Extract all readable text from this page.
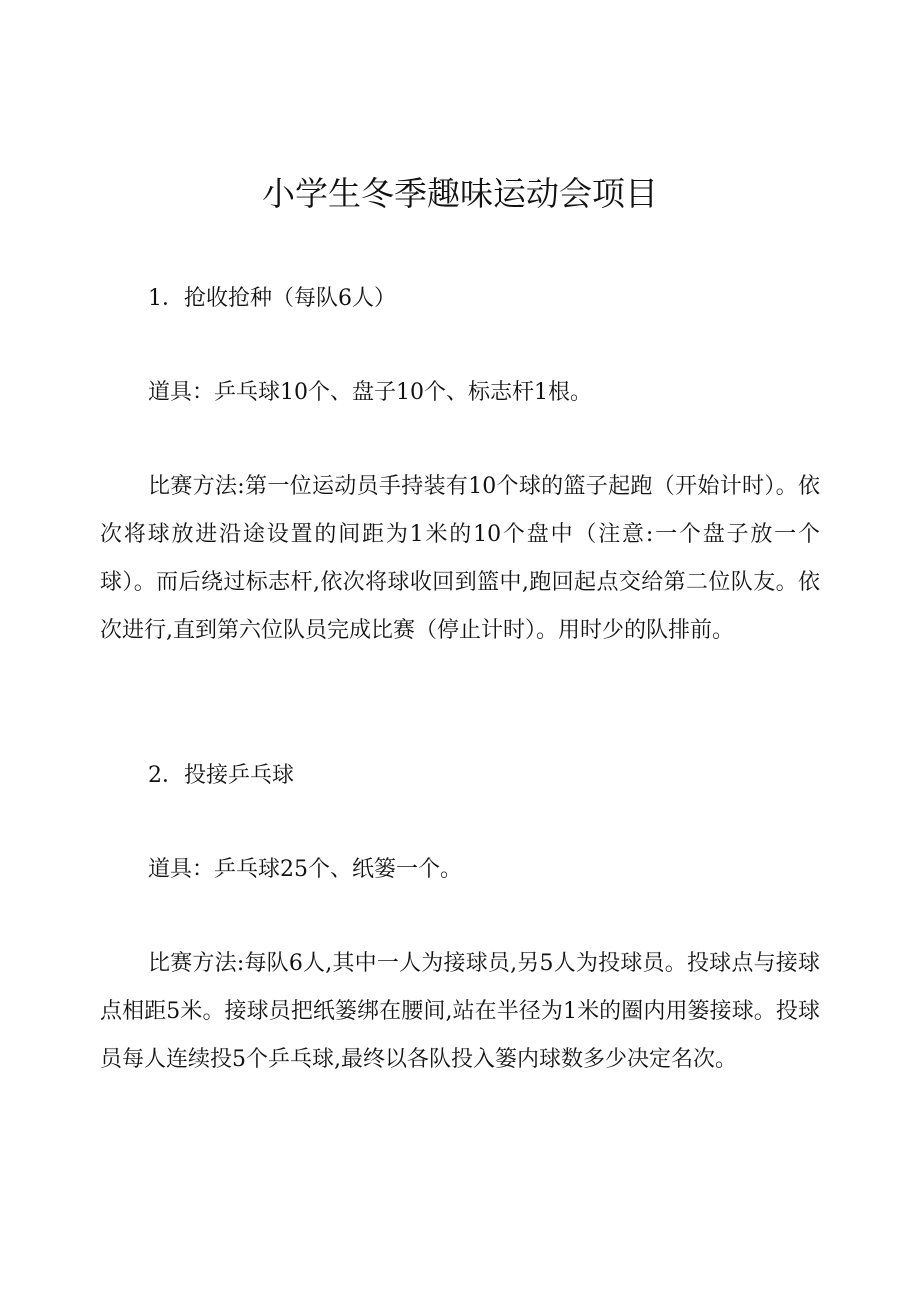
小学生冬季趣味运动会项目

1．抢收抢种（每队6人）

道具：乒乓球10个、盘子10个、标志杆1根。

比赛方法:第一位运动员手持装有10个球的篮子起跑（开始计时）。依次将球放进沿途设置的间距为1米的10个盘中（注意:一个盘子放一个球）。而后绕过标志杆,依次将球收回到篮中,跑回起点交给第二位队友。依次进行,直到第六位队员完成比赛（停止计时）。用时少的队排前。

2．投接乒乓球

道具：乒乓球25个、纸篓一个。

比赛方法:每队6人,其中一人为接球员,另5人为投球员。投球点与接球点相距5米。接球员把纸篓绑在腰间,站在半径为1米的圈内用篓接球。投球员每人连续投5个乒乓球,最终以各队投入篓内球数多少决定名次。
